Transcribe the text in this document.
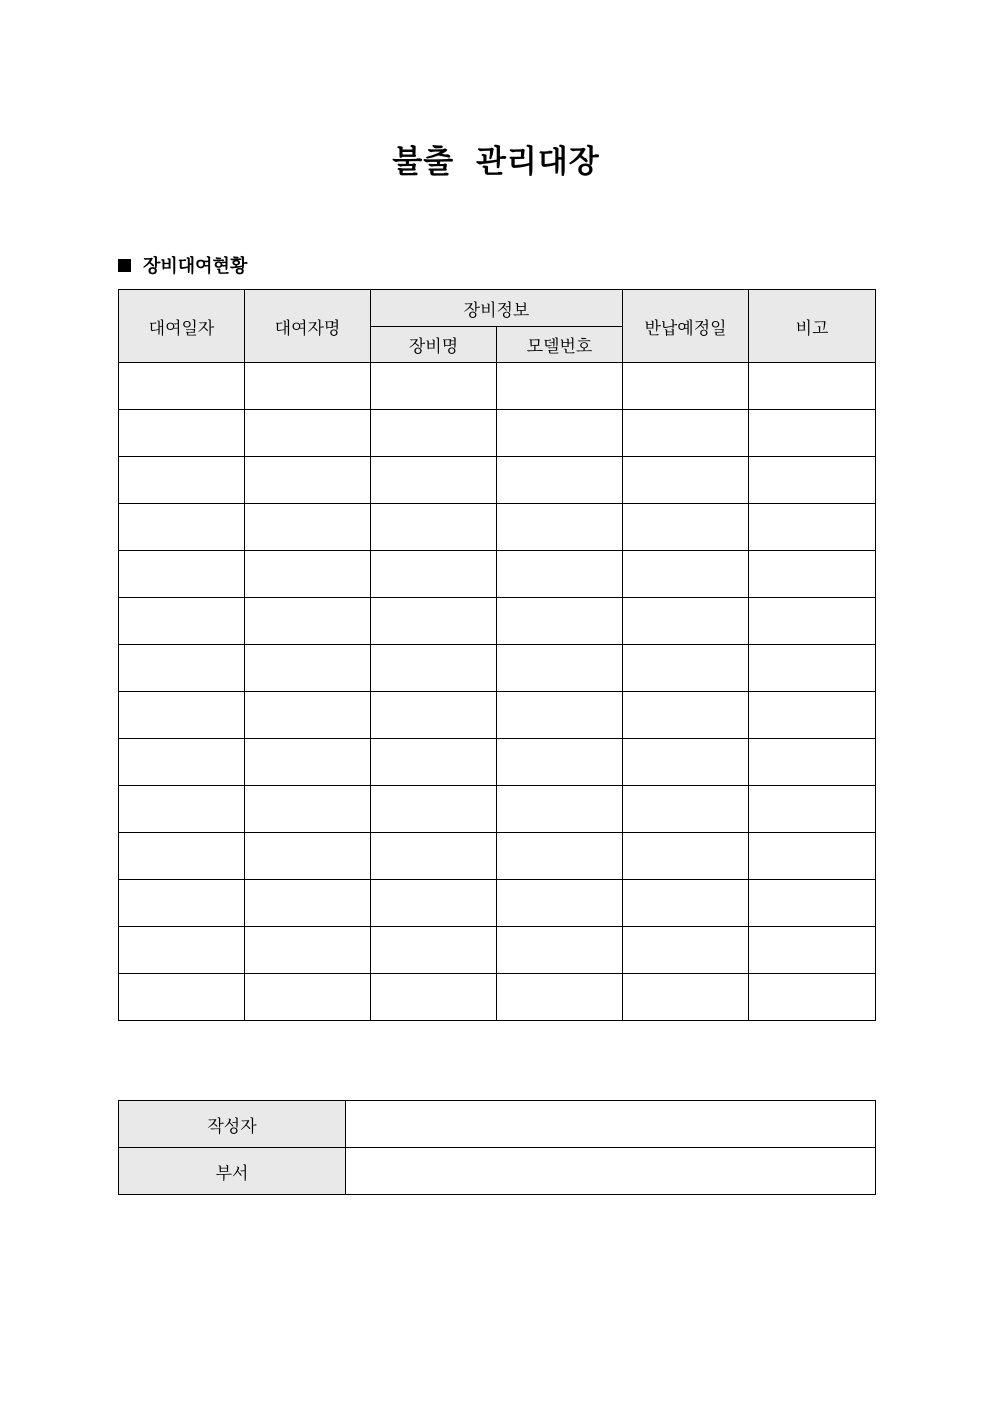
불출 관리대장
장비대여현황
대여일자	대여자명	장비정보		반납예정일	비고
		장비명	모델번호		

작성자	
부서	
